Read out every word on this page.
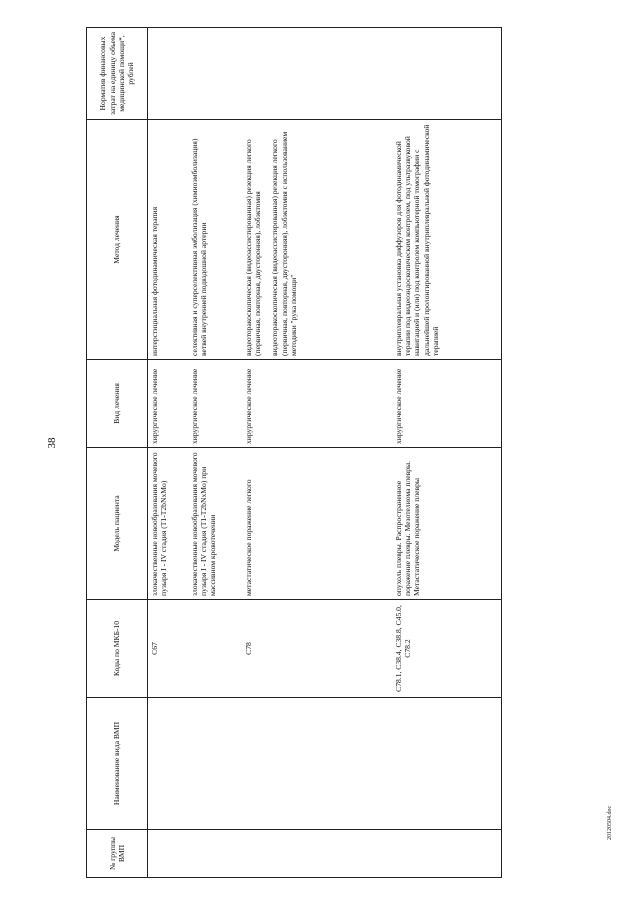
38
№ группы ВМП	Наименование вида ВМП	Коды по МКБ-10	Модель пациента	Вид лечения	Метод лечения	Норматив финансовых затрат на единицу объема медицинской помощи*, рублей
		C67	злокачественные новообразования мочевого пузыря I - IV стадия (T1-T2bNxMo)	хирургическое лечение	интерстициальная фотодинамическая терапия	

			злокачественные новообразования мочевого пузыря I - IV стадия (T1-T2bNxMo) при массивном кровотечении	хирургическое лечение	селективная и суперселективная эмболизация (химиоэмболизация) ветвей внутренней подвздошной артерии	

		C78	метастатическое поражение легкого	хирургическое лечение	видеоторакоскопическая (видеоассистированная) резекция легкого (первичная, повторная, двусторонняя), лобэктомия видеоторакоскопическая (видеоассистированная) резекция легкого (первичная, повторная, двусторонняя), лобэктомия с использованием методики "рука помощи"	

		C78.1, C38.4, C38.8, C45.0, C78.2	опухоль плевры. Распространенное поражение плевры. Мезотелиома плевры. Метастатическое поражение плевры	хирургическое лечение	внутриплевральная установка диффузоров для фотодинамической терапии под видеоэндоскопическим контролем, под ультразвуковой навигацией и (или) под контролем компьютерной томографии с дальнейшей пролонгированной внутриплевральной фотодинамической терапией	

20120504.doc
